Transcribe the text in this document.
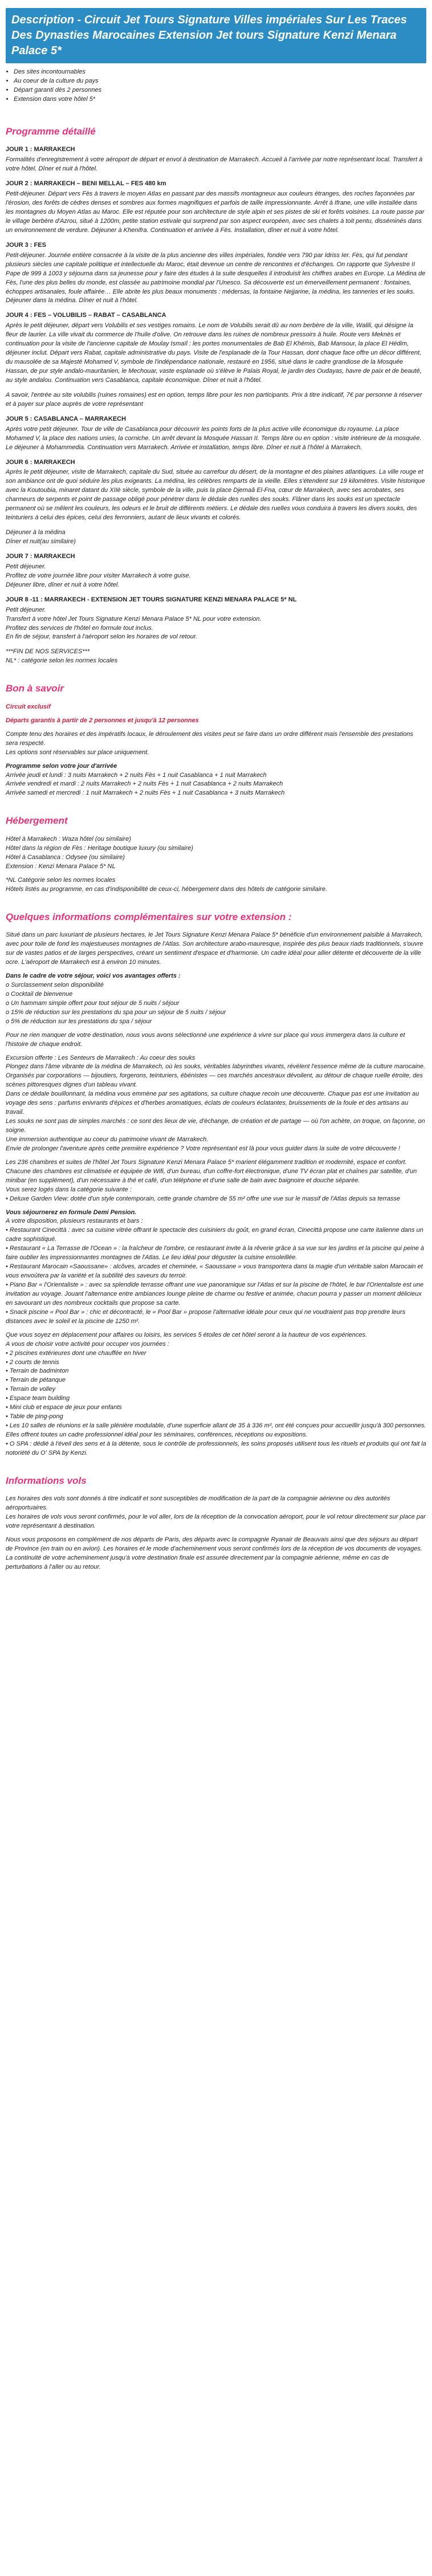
Description - Circuit Jet Tours Signature Villes impériales Sur Les Traces Des Dynasties Marocaines Extension Jet tours Signature Kenzi Menara Palace 5*
• Des sites incontournables
• Au coeur de la culture du pays
• Départ garanti dès 2 personnes
• Extension dans votre hôtel 5*
Programme détaillé
JOUR 1 : MARRAKECH

Formalités d'enregistrement à votre aéroport de départ et envol à destination de Marrakech. Accueil à l'arrivée par notre représentant local. Transfert à votre hôtel. Dîner et nuit à l'hôtel.

JOUR 2 : MARRAKECH – BENI MELLAL – FES 480 km

Petit-déjeuner. Départ vers Fès à travers le moyen Atlas en passant par des massifs montagneux aux couleurs étranges, des roches façonnées par l'érosion, des forêts de cèdres denses et sombres aux formes magnifiques et parfois de taille impressionnante. Arrêt à Ifrane, une ville installée dans les montagnes du Moyen Atlas au Maroc. Elle est réputée pour son architecture de style alpin et ses pistes de ski et forêts voisines. La route passe par le village berbère d'Azrou, situé à 1200m, petite station estivale qui surprend par son aspect européen, avec ses chalets à toit pentu, disséminés dans un environnement de verdure. Déjeuner à Khenifra. Continuation et arrivée à Fès. Installation, dîner et nuit à votre hôtel.

JOUR 3 : FES

Petit-déjeuner. Journée entière consacrée à la visite de la plus ancienne des villes impériales, fondée vers 790 par Idriss Ier. Fès, qui fut pendant plusieurs siècles une capitale politique et intellectuelle du Maroc, était devenue un centre de rencontres et d'échanges. On rapporte que Sylvestre II Pape de 999 à 1003 y séjourna dans sa jeunesse pour y faire des études à la suite desquelles il introduisit les chiffres arabes en Europe. La Médina de Fès, l'une des plus belles du monde, est classée au patrimoine mondial par l'Unesco. Sa découverte est un émerveillement permanent : fontaines, échoppes artisanales, foule affairée… Elle abrite les plus beaux monuments : médersas, la fontaine Nejjarine, la médina, les tanneries et les souks. Déjeuner dans la médina. Dîner et nuit à l'hôtel.

JOUR 4 : FES – VOLUBILIS – RABAT – CASABLANCA

Après le petit déjeuner, départ vers Volubilis et ses vestiges romains. Le nom de Volubilis serait dû au nom berbère de la ville, Walili, qui désigne la fleur de laurier. La ville vivait du commerce de l'huile d'olive. On retrouve dans les ruines de nombreux pressoirs à huile. Route vers Meknès et continuation pour la visite de l'ancienne capitale de Moulay Ismaïl : les portes monumentales de Bab El Khémis, Bab Mansour, la place El Hédim, déjeuner inclut. Départ vers Rabat, capitale administrative du pays. Visite de l'esplanade de la Tour Hassan, dont chaque face offre un décor différent, du mausolée de sa Majesté Mohamed V, symbole de l'indépendance nationale, restauré en 1956, situé dans le cadre grandiose de la Mosquée Hassan, de pur style andalo-mauritanien, le Mechouar, vaste esplanade où s'élève le Palais Royal, le jardin des Oudayas, havre de paix et de beauté, au style andalou. Continuation vers Casablanca, capitale économique. Dîner et nuit à l'hôtel.

A savoir, l'entrée au site volubilis (ruines romaines) est en option, temps libre pour les non participants. Prix à titre indicatif, 7€ par personne à réserver et à payer sur place auprès de votre représentant

JOUR 5 : CASABLANCA – MARRAKECH

Après votre petit déjeuner. Tour de ville de Casablanca pour découvrir les points forts de la plus active ville économique du royaume. La place Mohamed V, la place des nations unies, la corniche. Un arrêt devant la Mosquée Hassan II. Temps libre ou en option : visite intérieure de la mosquée. Le déjeuner à Mohammedia. Continuation vers Marrakech. Arrivée et installation, temps libre. Dîner et nuit à l'hôtel à Marrakech.

JOUR 6 : MARRAKECH

Après le petit déjeuner, visite de Marrakech, capitale du Sud, située au carrefour du désert, de la montagne et des plaines atlantiques. La ville rouge et son ambiance ont de quoi séduire les plus exigeants. La médina, les célèbres remparts de la vieille. Elles s'étendent sur 19 kilomètres. Visite historique avec la Koutoubia, minaret datant du XIIè siècle, symbole de la ville, puis la place Djemaâ El-Fna, cœur de Marrakech, avec ses acrobates, ses charmeurs de serpents et point de passage obligé pour pénétrer dans le dédale des ruelles des souks. Flâner dans les souks est un spectacle permanent où se mêlent les couleurs, les odeurs et le bruit de différents métiers. Le dédale des ruelles vous conduira à travers les divers souks, des teinturiers à celui des épices, celui des ferronniers, autant de lieux vivants et colorés.

Déjeuner à la médina
Dîner et nuit(au similaire)

JOUR 7 : MARRAKECH

Petit déjeuner.
Profitez de votre journée libre pour visiter Marrakech à votre guise.
Déjeuner libre, dîner et nuit à votre hôtel.

JOUR 8 -11 : MARRAKECH - EXTENSION JET TOURS SIGNATURE KENZI MENARA PALACE 5* NL

Petit déjeuner.
Transfert à votre hôtel Jet Tours Signature Kenzi Menara Palace 5* NL pour votre extension.
Profitez des services de l'hôtel en formule tout inclus.
En fin de séjour, transfert à l'aéroport selon les horaires de vol retour.

***FIN DE NOS SERVICES***
NL* : catégorie selon les normes locales

Bon à savoir

Circuit exclusif

Départs garantis à partir de 2 personnes et jusqu'à 12 personnes

Compte tenu des horaires et des impératifs locaux, le déroulement des visites peut se faire dans un ordre différent mais l'ensemble des prestations sera respecté.
Les options sont réservables sur place uniquement.

Programme selon votre jour d'arrivée

Arrivée jeudi et lundi : 3 nuits Marrakech + 2 nuits Fès + 1 nuit Casablanca + 1 nuit Marrakech
Arrivée vendredi et mardi : 2 nuits Marrakech + 2 nuits Fès + 1 nuit Casablanca + 2 nuits Marrakech
Arrivée samedi et mercredi : 1 nuit Marrakech + 2 nuits Fès + 1 nuit Casablanca + 3 nuits Marrakech
Hébergement
Hôtel à Marrakech : Waza hôtel (ou similaire)
Hôtel dans la région de Fès : Heritage boutique luxury (ou similaire)
Hôtel à Casablanca : Odysee (ou similaire)
Extension : Kenzi Menara Palace 5* NL

*NL Catégorie selon les normes locales
Hôtels listés au programme, en cas d'indisponibilité de ceux-ci, hébergement dans des hôtels de catégorie similaire.

Quelques informations complémentaires sur votre extension :

Situé dans un parc luxuriant de plusieurs hectares, le Jet Tours Signature Kenzi Menara Palace 5* bénéficie d'un environnement paisible à Marrakech, avec pour toile de fond les majestueuses montagnes de l'Atlas. Son architecture arabo-mauresque, inspirée des plus beaux riads traditionnels, s'ouvre sur de vastes patios et de larges perspectives, créant un sentiment d'espace et d'harmonie. Un cadre idéal pour allier détente et découverte de la ville ocre. L'aéroport de Marrakech est à environ 10 minutes.

Dans le cadre de votre séjour, voici vos avantages offerts :

o Surclassement selon disponibilité
o Cocktail de bienvenue
o Un hammam simple offert pour tout séjour de 5 nuits / séjour
o 15% de réduction sur les prestations du spa pour un séjour de 5 nuits / séjour
o 5% de réduction sur les prestations du spa / séjour

Pour ne rien manquer de votre destination, nous vous avons sélectionné une expérience à vivre sur place qui vous immergera dans la culture et l'histoire de chaque endroit.

Excursion offerte : Les Senteurs de Marrakech : Au coeur des souks
Plongez dans l'âme vibrante de la médina de Marrakech, où les souks, véritables labyrinthes vivants, révèlent l'essence même de la culture marocaine. Organisés par corporations — bijoutiers, forgerons, teinturiers, ébénistes — ces marchés ancestraux dévoilent, au détour de chaque ruelle étroite, des scènes pittoresques dignes d'un tableau vivant.
Dans ce dédale bouillonnant, la médina vous emmène par ses agitations, sa culture chaque recoin une découverte. Chaque pas est une invitation au voyage des sens : parfums enivrants d'épices et d'herbes aromatiques, éclats de couleurs éclatantes, bruissements de la foule et des artisans au travail.
Les souks ne sont pas de simples marchés : ce sont des lieux de vie, d'échange, de création et de partage — où l'on achète, on troque, on façonne, on soigne.
Une immersion authentique au coeur du patrimoine vivant de Marrakech.
Envie de prolonger l'aventure après cette première expérience ? Votre représentant est là pour vous guider dans la suite de votre découverte !

Les 236 chambres et suites de l'hôtel Jet Tours Signature Kenzi Menara Palace 5* marient élégamment tradition et modernité, espace et confort. Chacune des chambres est climatisée et équipée de Wifi, d'un bureau, d'un coffre-fort électronique, d'une TV écran plat et chaînes par satellite, d'un minibar (en supplément), d'un nécessaire à thé et café, d'un téléphone et d'une salle de bain avec baignoire et douche séparée.
Vous serez logés dans la catégorie suivante :
• Deluxe Garden View: dotée d'un style contemporain, cette grande chambre de 55 m² offre une vue sur le massif de l'Atlas depuis sa terrasse

Vous séjournerez en formule Demi Pension.

A votre disposition, plusieurs restaurants et bars :
• Restaurant Cinecittà : avec sa cuisine vitrée offrant le spectacle des cuisiniers du goût, en grand écran, Cinecittà propose une carte italienne dans un cadre sophistiqué.
• Restaurant « La Terrasse de l'Ocean » : la fraîcheur de l'ombre, ce restaurant invite à la rêverie grâce à sa vue sur les jardins et la piscine qui peine à faire oublier les impressionnantes montagnes de l'Atlas. Le lieu idéal pour déguster la cuisine ensoleillée.
• Restaurant Marocain «Saoussane» : alcôves, arcades et cheminée, « Saoussane » vous transportera dans la magie d'un véritable salon Marocain et vous envoûtera par la variété et la subtilité des saveurs du terroir.
• Piano Bar « l'Orientaliste » : avec sa splendide terrasse offrant une vue panoramique sur l'Atlas et sur la piscine de l'hôtel, le bar l'Orientaliste est une invitation au voyage. Jouant l'alternance entre ambiances lounge pleine de charme ou festive et animée, chacun pourra y passer un moment délicieux en savourant un des nombreux cocktails que propose sa carte.
• Snack piscine « Pool Bar » : chic et décontracté, le « Pool Bar » propose l'alternative idéale pour ceux qui ne voudraient pas trop prendre leurs distances avec le soleil et la piscine de 1250 m².

Que vous soyez en déplacement pour affaires ou loisirs, les services 5 étoiles de cet hôtel seront à la hauteur de vos expériences.
A vous de choisir votre activité pour occuper vos journées :

• 2 piscines extérieures dont une chauffée en hiver
• 2 courts de tennis
• Terrain de badminton
• Terrain de pétanque
• Terrain de volley
• Espace team building
• Mini club et espace de jeux pour enfants
• Table de ping-pong
• Les 10 salles de réunions et la salle plénière modulable, d'une superficie allant de 35 à 336 m², ont été conçues pour accueillir jusqu'à 300 personnes. Elles offrent toutes un cadre professionnel idéal pour les séminaires, conférences, réceptions ou expositions.
• O SPA : dédié à l'éveil des sens et à la détente, sous le contrôle de professionnels, les soins proposés utilisent tous les rituels et produits qui ont fait la notoriété du O' SPA by Kenzi.
Informations vols

Les horaires des vols sont donnés à titre indicatif et sont susceptibles de modification de la part de la compagnie aérienne ou des autorités aéroportuaires.
Les horaires de vols vous seront confirmés, pour le vol aller, lors de la réception de la convocation aéroport, pour le vol retour directement sur place par votre représentant à destination.

Nous vous proposons en complément de nos départs de Paris, des départs avec la compagnie Ryanair de Beauvais ainsi que des séjours au départ de Province (en train ou en avion). Les horaires et le mode d'acheminement vous seront confirmés lors de la réception de vos documents de voyages.
La continuité de votre acheminement jusqu'à votre destination finale est assurée directement par la compagnie aérienne, même en cas de perturbations à l'aller ou au retour.
